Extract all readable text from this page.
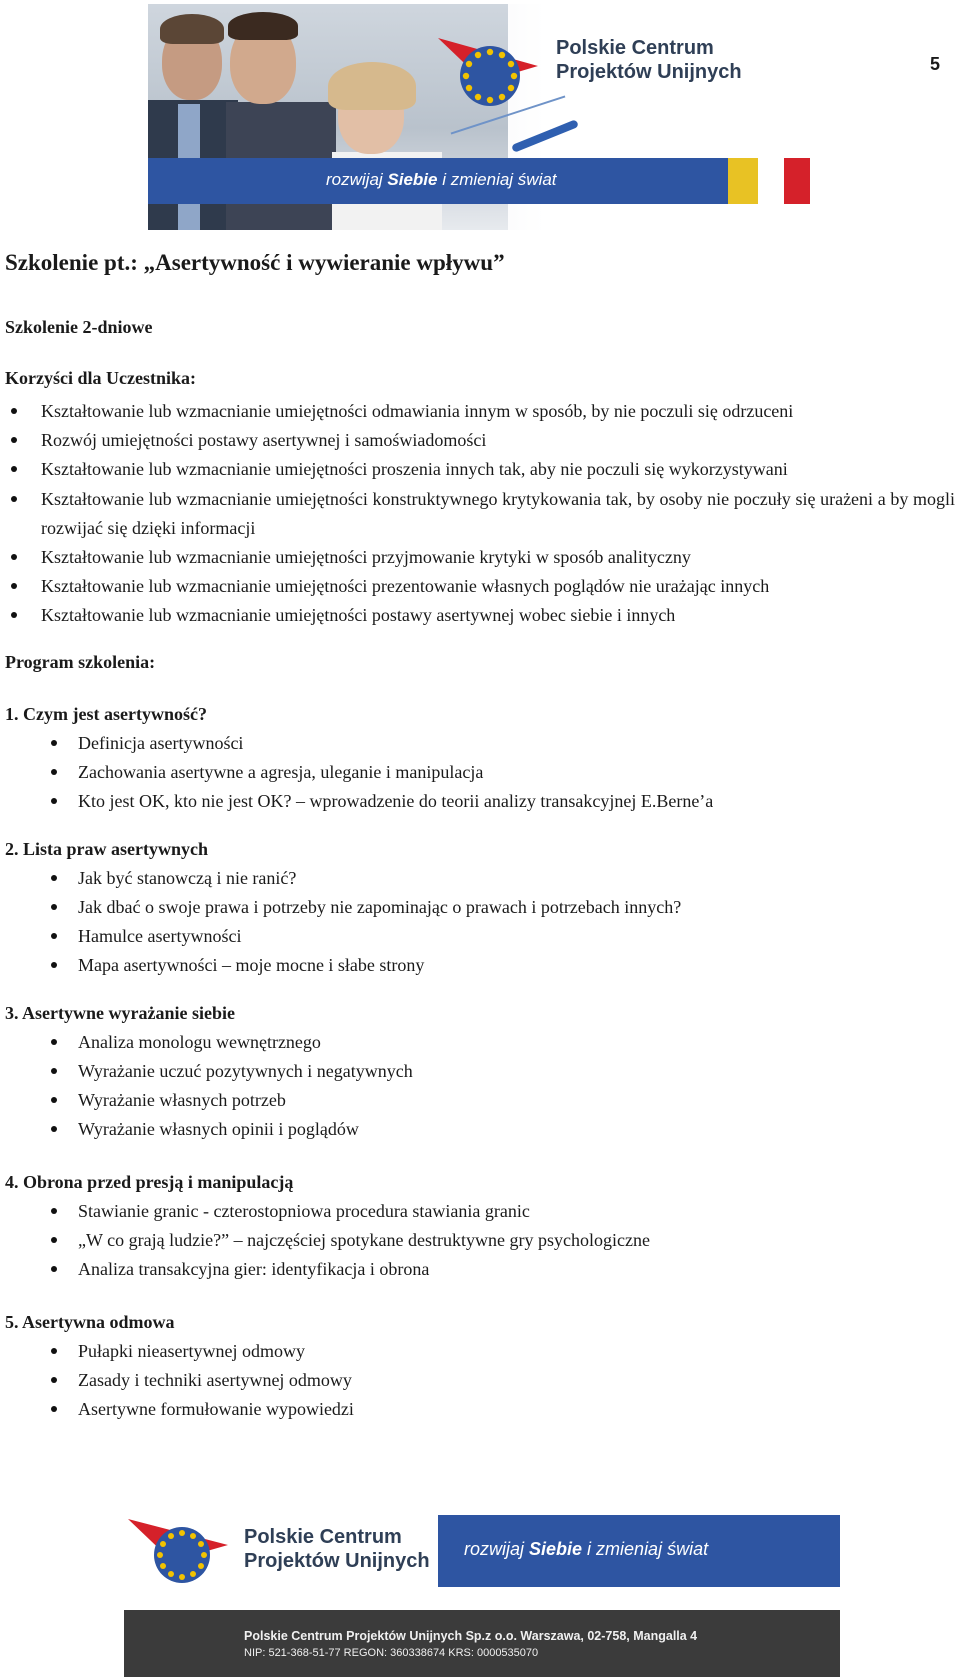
5
Polskie Centrum
Projektów Unijnych
rozwijaj Siebie i zmieniaj świat
Szkolenie pt.: „Asertywność i wywieranie wpływu”
Szkolenie 2-dniowe
Korzyści dla Uczestnika:
Kształtowanie lub wzmacnianie umiejętności odmawiania innym w sposób, by nie poczuli się odrzuceni
Rozwój umiejętności postawy asertywnej i samoświadomości
Kształtowanie lub wzmacnianie umiejętności proszenia innych tak, aby nie poczuli się wykorzystywani
Kształtowanie lub wzmacnianie umiejętności konstruktywnego krytykowania tak, by osoby nie poczuły się urażeni a by mogli rozwijać się dzięki informacji
Kształtowanie lub wzmacnianie umiejętności przyjmowanie krytyki w sposób analityczny
Kształtowanie lub wzmacnianie umiejętności prezentowanie własnych poglądów nie urażając innych
Kształtowanie lub wzmacnianie umiejętności postawy asertywnej wobec siebie i innych
Program szkolenia:
1. Czym jest asertywność?
Definicja asertywności
Zachowania asertywne a agresja, uleganie i manipulacja
Kto jest OK, kto nie jest OK? – wprowadzenie do teorii analizy transakcyjnej E.Berne’a
2. Lista praw asertywnych
Jak być stanowczą i nie ranić?
Jak dbać o swoje prawa i potrzeby nie zapominając o prawach i potrzebach innych?
Hamulce asertywności
Mapa asertywności – moje mocne i słabe strony
3. Asertywne wyrażanie siebie
Analiza monologu wewnętrznego
Wyrażanie uczuć pozytywnych i negatywnych
Wyrażanie własnych potrzeb
Wyrażanie własnych opinii i poglądów
4. Obrona przed presją i manipulacją
Stawianie granic - czterostopniowa procedura stawiania granic
„W co grają ludzie?” – najczęściej spotykane destruktywne gry psychologiczne
Analiza transakcyjna gier: identyfikacja i obrona
5. Asertywna odmowa
Pułapki nieasertywnej odmowy
Zasady i techniki asertywnej odmowy
Asertywne formułowanie wypowiedzi
Polskie Centrum
Projektów Unijnych
rozwijaj Siebie i zmieniaj świat
Polskie Centrum Projektów Unijnych Sp.z o.o. Warszawa, 02-758, Mangalla 4
NIP: 521-368-51-77 REGON: 360338674 KRS: 0000535070
